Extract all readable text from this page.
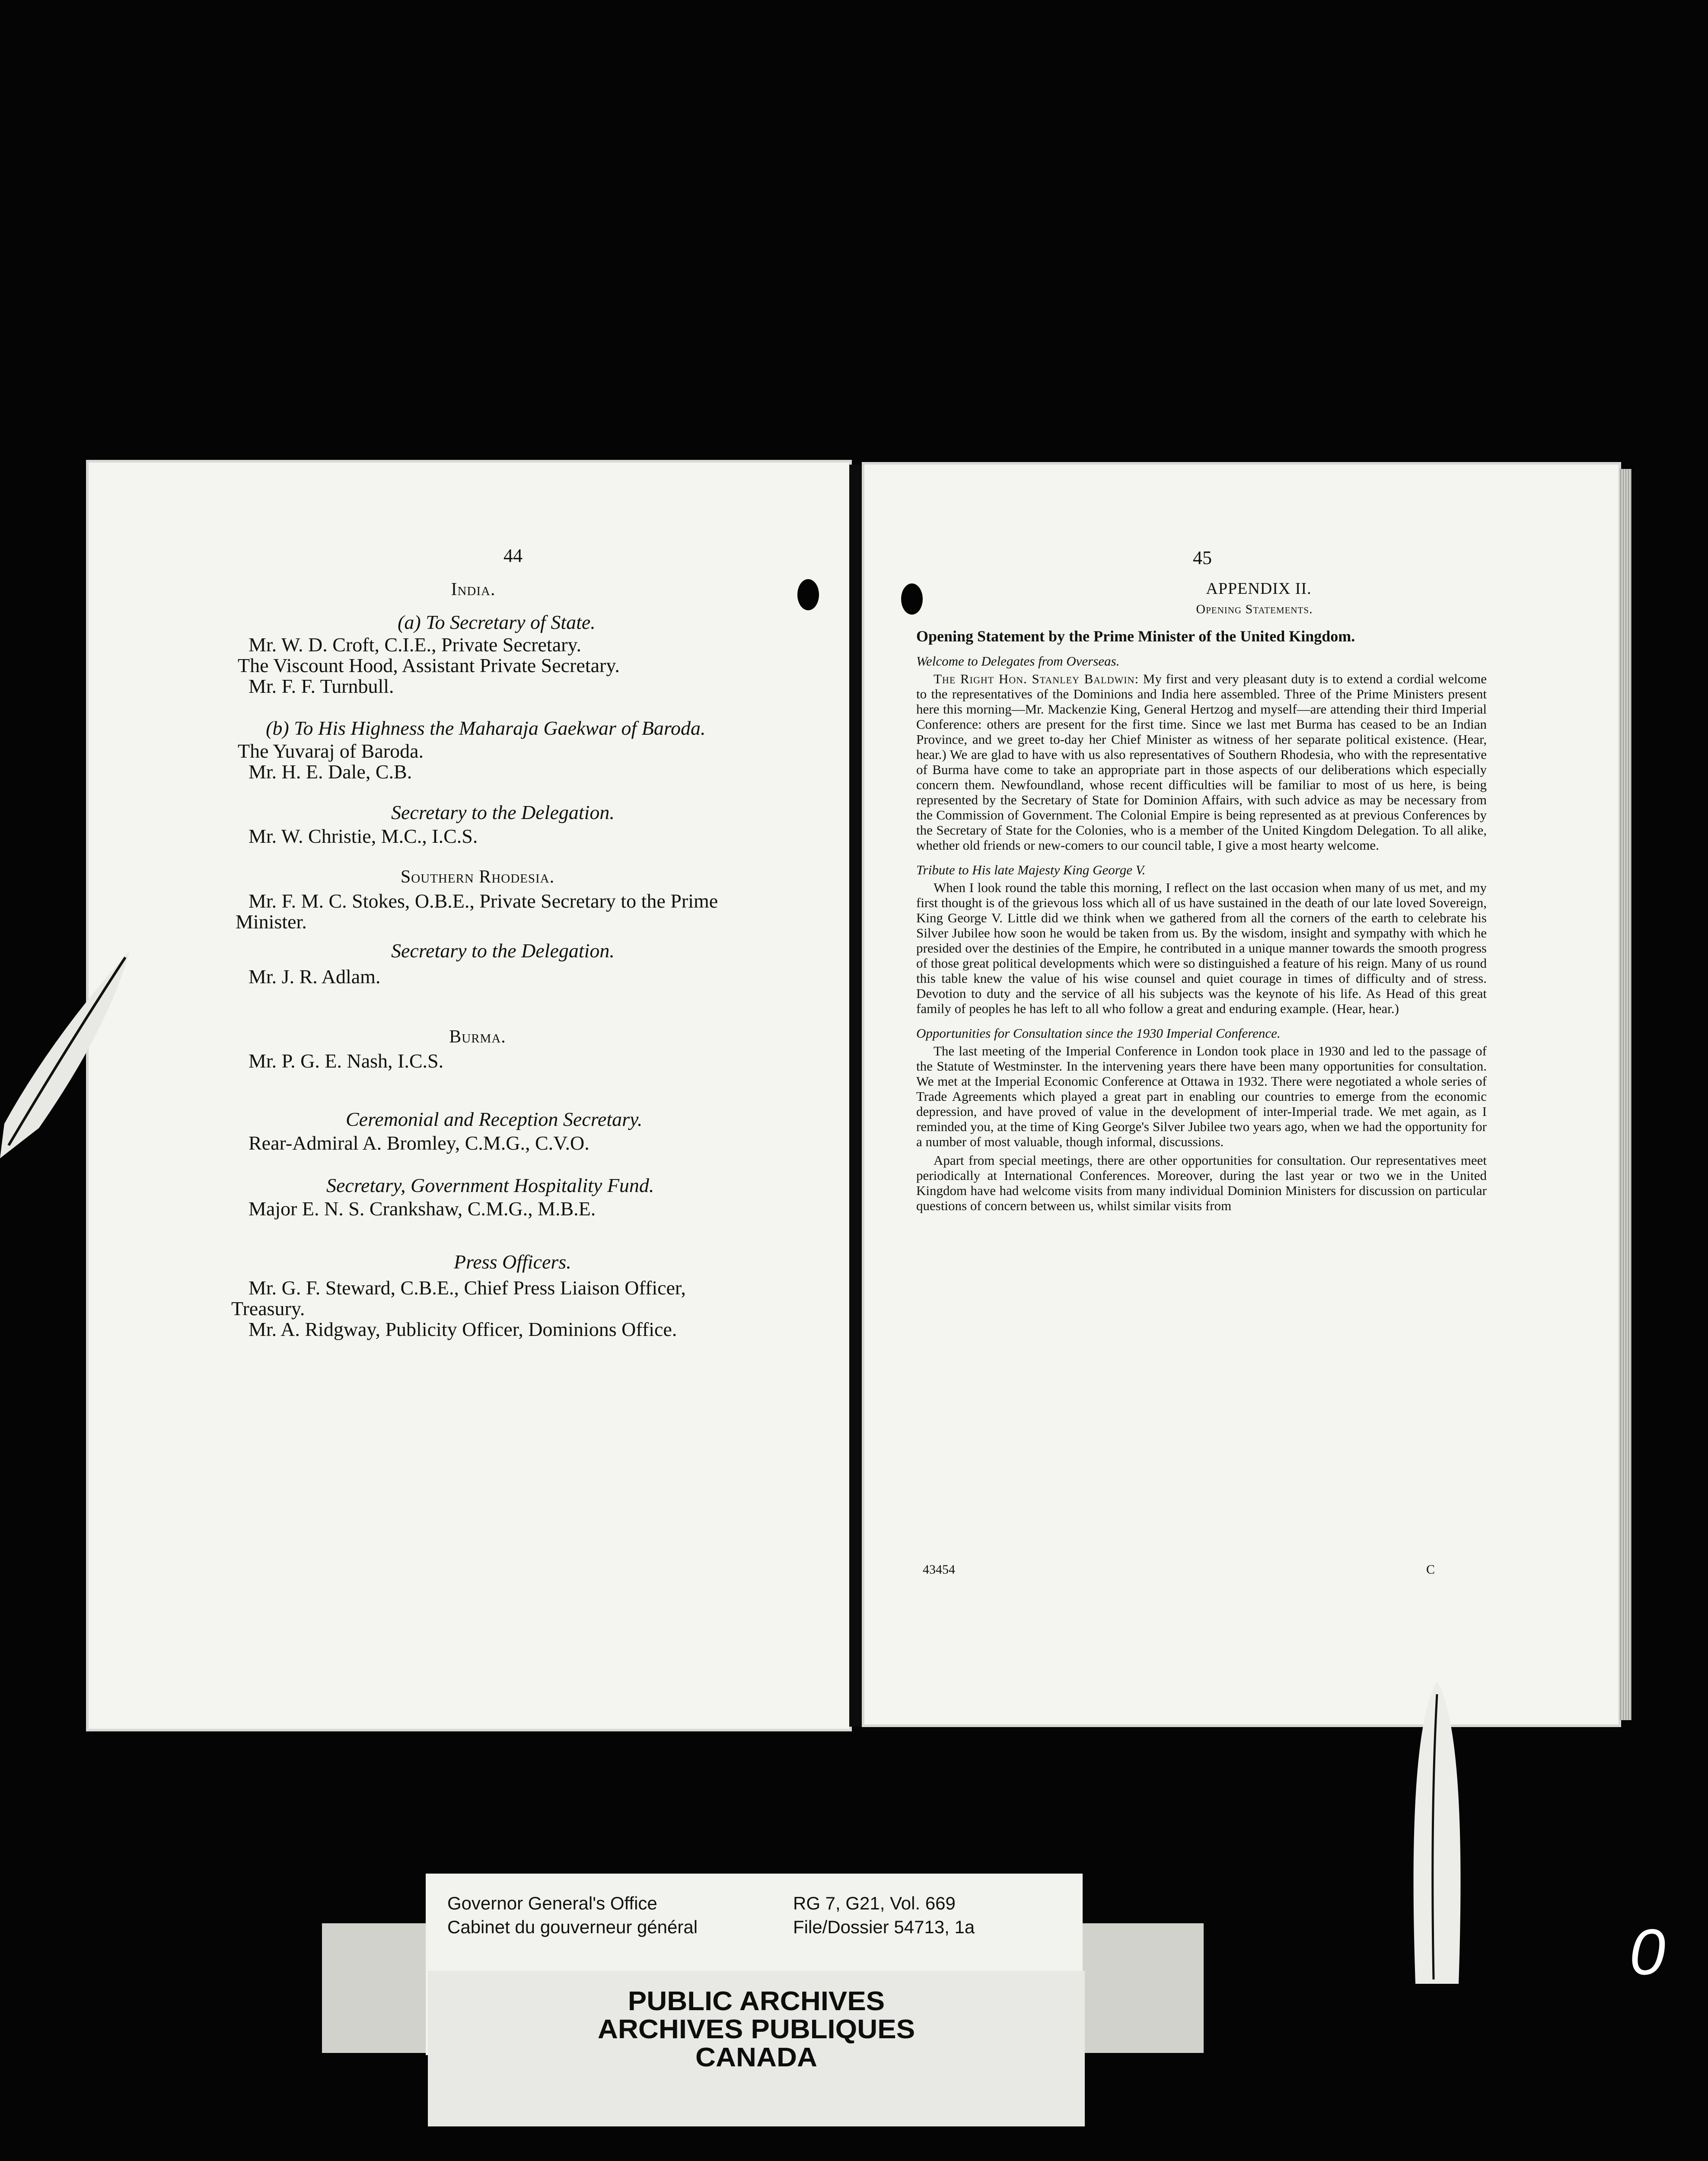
44
India.
(a) To Secretary of State.
Mr. W. D. Croft, C.I.E., Private Secretary.
The Viscount Hood, Assistant Private Secretary.
Mr. F. F. Turnbull.
(b) To His Highness the Maharaja Gaekwar of Baroda.
The Yuvaraj of Baroda.
Mr. H. E. Dale, C.B.
Secretary to the Delegation.
Mr. W. Christie, M.C., I.C.S.
Southern Rhodesia.
Mr. F. M. C. Stokes, O.B.E., Private Secretary to the Prime
Minister.
Secretary to the Delegation.
Mr. J. R. Adlam.
Burma.
Mr. P. G. E. Nash, I.C.S.
Ceremonial and Reception Secretary.
Rear-Admiral A. Bromley, C.M.G., C.V.O.
Secretary, Government Hospitality Fund.
Major E. N. S. Crankshaw, C.M.G., M.B.E.
Press Officers.
Mr. G. F. Steward, C.B.E., Chief Press Liaison Officer,
Treasury.
Mr. A. Ridgway, Publicity Officer, Dominions Office.
45
APPENDIX II.
Opening Statements.
Opening Statement by the Prime Minister of the United Kingdom.
Welcome to Delegates from Overseas.

The Right Hon. Stanley Baldwin: My first and very pleasant duty is to extend a cordial welcome to the representatives of the Dominions and India here assembled. Three of the Prime Ministers present here this morning—Mr. Mackenzie King, General Hertzog and myself—are attending their third Imperial Conference: others are present for the first time. Since we last met Burma has ceased to be an Indian Province, and we greet to-day her Chief Minister as witness of her separate political existence. (Hear, hear.) We are glad to have with us also representatives of Southern Rhodesia, who with the representative of Burma have come to take an appropriate part in those aspects of our deliberations which especially concern them. Newfoundland, whose recent difficulties will be familiar to most of us here, is being represented by the Secretary of State for Dominion Affairs, with such advice as may be necessary from the Commission of Government. The Colonial Empire is being represented as at previous Conferences by the Secretary of State for the Colonies, who is a member of the United Kingdom Delegation. To all alike, whether old friends or new-comers to our council table, I give a most hearty welcome.

Tribute to His late Majesty King George V.

When I look round the table this morning, I reflect on the last occasion when many of us met, and my first thought is of the grievous loss which all of us have sustained in the death of our late loved Sovereign, King George V. Little did we think when we gathered from all the corners of the earth to celebrate his Silver Jubilee how soon he would be taken from us. By the wisdom, insight and sympathy with which he presided over the destinies of the Empire, he contributed in a unique manner towards the smooth progress of those great political developments which were so distinguished a feature of his reign. Many of us round this table knew the value of his wise counsel and quiet courage in times of difficulty and of stress. Devotion to duty and the service of all his subjects was the keynote of his life. As Head of this great family of peoples he has left to all who follow a great and enduring example. (Hear, hear.)

Opportunities for Consultation since the 1930 Imperial Conference.

The last meeting of the Imperial Conference in London took place in 1930 and led to the passage of the Statute of Westminster. In the intervening years there have been many opportunities for consultation. We met at the Imperial Economic Conference at Ottawa in 1932. There were negotiated a whole series of Trade Agreements which played a great part in enabling our countries to emerge from the economic depression, and have proved of value in the development of inter-Imperial trade. We met again, as I reminded you, at the time of King George's Silver Jubilee two years ago, when we had the opportunity for a number of most valuable, though informal, discussions.

Apart from special meetings, there are other opportunities for consultation. Our representatives meet periodically at International Conferences. Moreover, during the last year or two we in the United Kingdom have had welcome visits from many individual Dominion Ministers for discussion on particular questions of concern between us, whilst similar visits from

43454	C
Governor General's Office
Cabinet du gouverneur général
RG 7, G21, Vol. 669
File/Dossier 54713, 1a
PUBLIC ARCHIVES
ARCHIVES PUBLIQUES
CANADA
0
